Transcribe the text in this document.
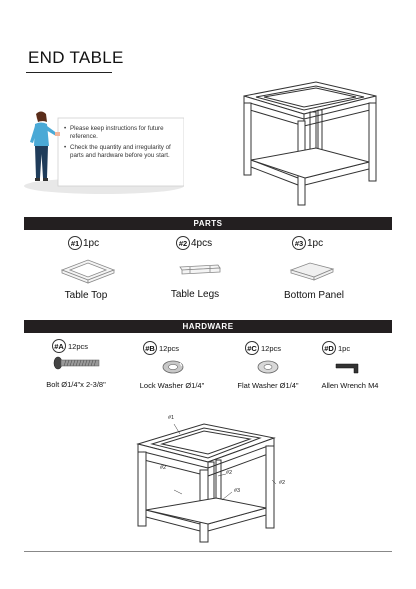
END TABLE
• Please keep instructions for future reference.
• Check the quantity and irregularity of parts and hardware before you start.
PARTS
#1 1pc	#2 4pcs	#3 1pc
Table Top	Table Legs	Bottom Panel
HARDWARE
#A 12pcs	#B 12pcs	#C 12pcs	#D 1pc
Bolt Ø1/4"x 2-3/8"	Lock Washer Ø1/4"	Flat Washer Ø1/4"	Allen Wrench M4
#1
#2
#2
#3
#2
